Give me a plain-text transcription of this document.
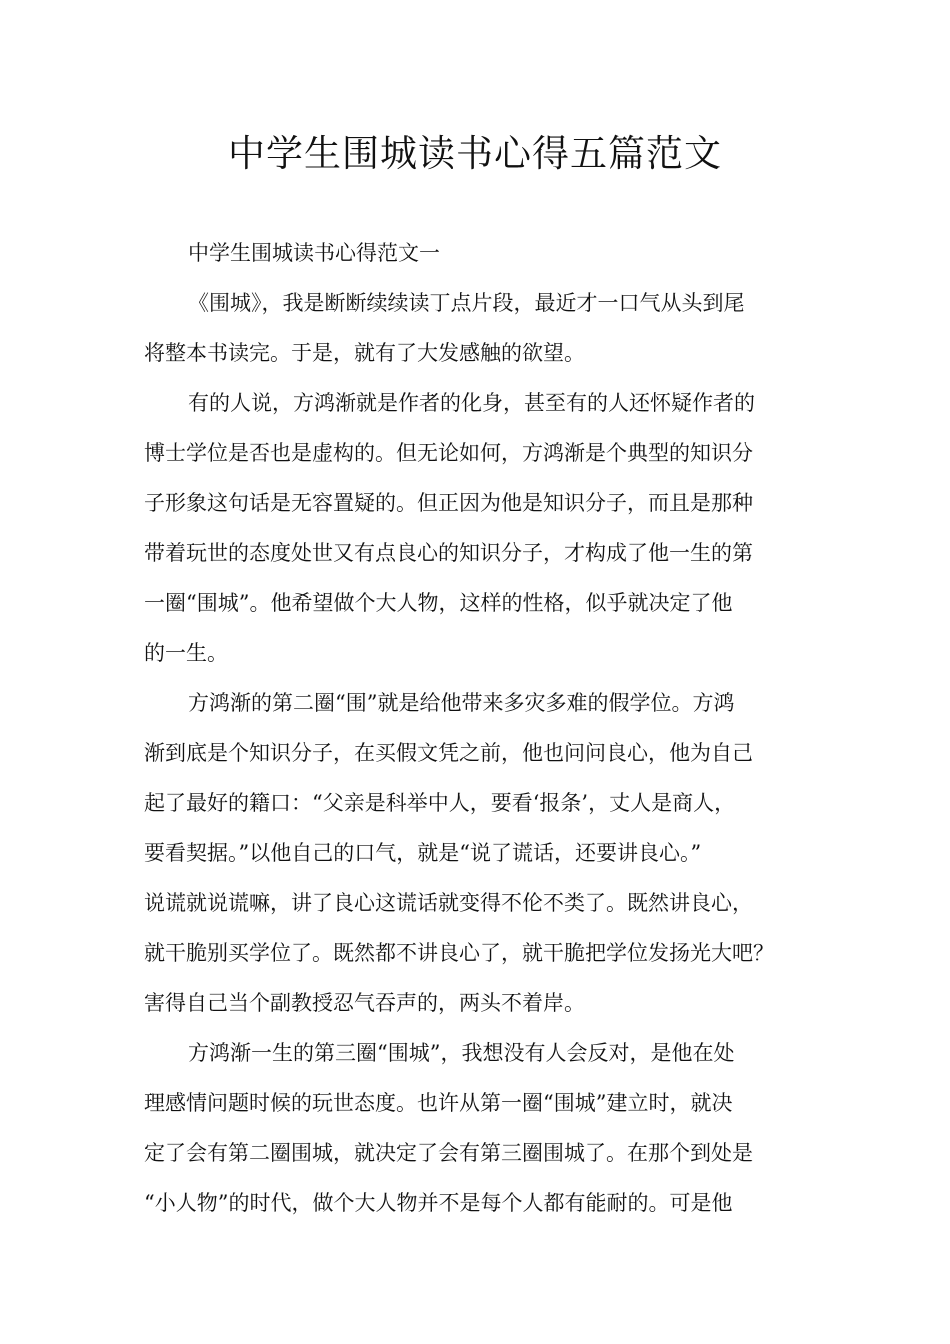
中学生围城读书心得五篇范文

中学生围城读书心得范文一

《围城》，我是断断续续读丁点片段，最近才一口气从头到尾
将整本书读完。于是，就有了大发感触的欲望。

有的人说，方鸿渐就是作者的化身，甚至有的人还怀疑作者的
博士学位是否也是虚构的。但无论如何，方鸿渐是个典型的知识分
子形象这句话是无容置疑的。但正因为他是知识分子，而且是那种
带着玩世的态度处世又有点良心的知识分子，才构成了他一生的第
一圈“围城”。他希望做个大人物，这样的性格，似乎就决定了他
的一生。

方鸿渐的第二圈“围”就是给他带来多灾多难的假学位。方鸿
渐到底是个知识分子，在买假文凭之前，他也问问良心，他为自己
起了最好的籍口：“父亲是科举中人，要看‘报条’，丈人是商人，
要看契据。”以他自己的口气，就是“说了谎话，还要讲良心。”
说谎就说谎嘛，讲了良心这谎话就变得不伦不类了。既然讲良心，
就干脆别买学位了。既然都不讲良心了，就干脆把学位发扬光大吧？
害得自己当个副教授忍气吞声的，两头不着岸。

方鸿渐一生的第三圈“围城”，我想没有人会反对，是他在处
理感情问题时候的玩世态度。也许从第一圈“围城”建立时，就决
定了会有第二圈围城，就决定了会有第三圈围城了。在那个到处是
“小人物”的时代，做个大人物并不是每个人都有能耐的。可是他
